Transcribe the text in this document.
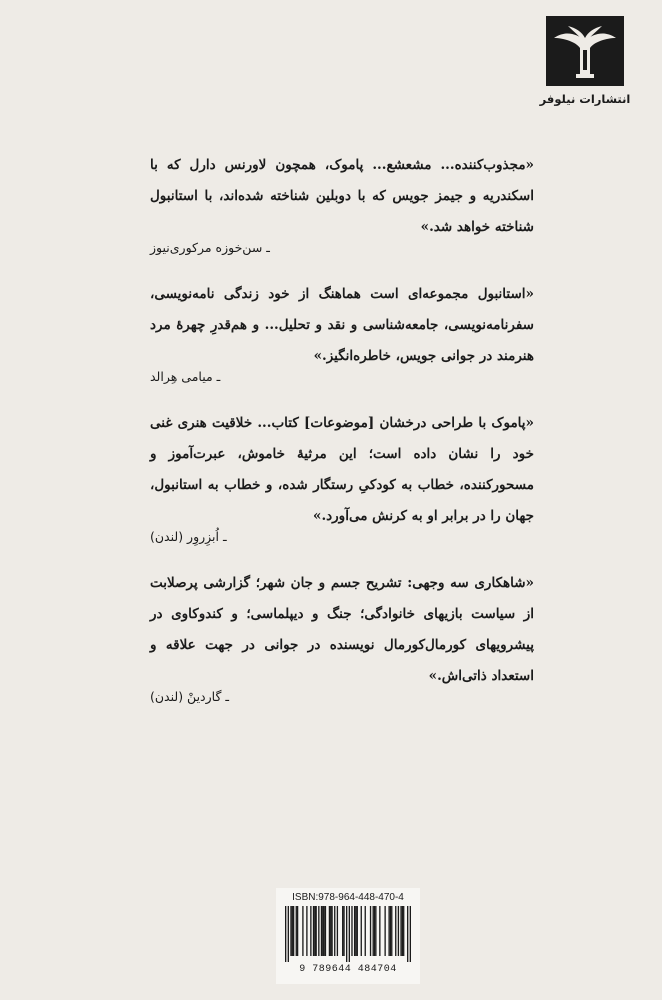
انتشارات نیلوفر

«مجذوب‌کننده... مشعشع... پاموک، همچون لاورنس دارل که با اسکندریه و جیمز جویس که با دوبلین شناخته شده‌اند، با استانبول شناخته خواهد شد.»

ـ سن‌خوزه مرکوری‌نیوز

«استانبول مجموعه‌ای است هماهنگ از خود زندگی نامه‌نویسی، سفرنامه‌نویسی، جامعه‌شناسی و نقد و تحلیل... و هم‌قدرِ چهرهٔ مرد هنرمند در جوانی جویس، خاطره‌انگیز.»

ـ میامی هِرالد

«پاموک با طراحی درخشان [موضوعات] کتاب... خلاقیت هنری غنی خود را نشان داده است؛ این مرثیهٔ خاموش، عبرت‌آموز و مسحورکننده، خطاب به کودکیِ رستگار شده، و خطاب به استانبول، جهان را در برابر او به کرنش می‌آورد.»

ـ اُبزِروِر (لندن)

«شاهکاری سه وجهی: تشریح جسم و جان شهر؛ گزارشی پرصلابت از سیاست بازیهای خانوادگی؛ جنگ و دیپلماسی؛ و کندوکاوی در پیشرویهای کورمال‌کورمال نویسنده در جوانی در جهت علاقه و استعداد ذاتی‌اش.»

ـ گاردینْ (لندن)
ISBN:978-964-448-470-4
9 789644 484704
